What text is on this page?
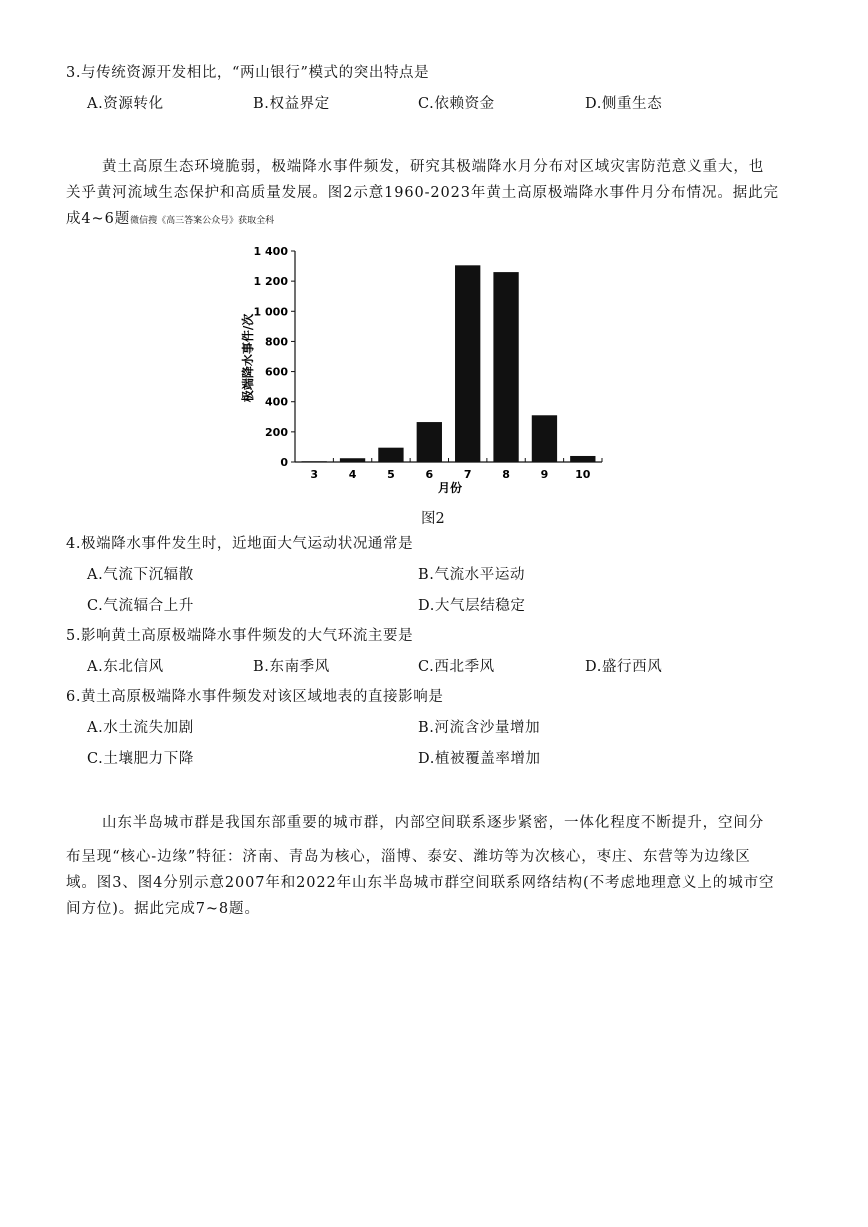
3.与传统资源开发相比，“两山银行”模式的突出特点是
A.资源转化	B.权益界定	C.依赖资金	D.侧重生态
黄土高原生态环境脆弱，极端降水事件频发，研究其极端降水月分布对区域灾害防范意义重大，也
关乎黄河流域生态保护和高质量发展。图2示意1960-2023年黄土高原极端降水事件月分布情况。据此完
成4~6题微信搜《高三答案公众号》获取全科
极端降水事件/次
0
200
400
600
800
1 000
1 200
1 400
3	4	5	6	7	8	9 10
月份
图2
4.极端降水事件发生时，近地面大气运动状况通常是
A.气流下沉辐散	B.气流水平运动
C.气流辐合上升	D.大气层结稳定
5.影响黄土高原极端降水事件频发的大气环流主要是
A.东北信风	B.东南季风	C.西北季风	D.盛行西风
6.黄土高原极端降水事件频发对该区域地表的直接影响是
A.水土流失加剧	B.河流含沙量增加
C.土壤肥力下降	D.植被覆盖率增加
山东半岛城市群是我国东部重要的城市群，内部空间联系逐步紧密，一体化程度不断提升，空间分
布呈现“核心-边缘”特征：济南、青岛为核心，淄博、泰安、潍坊等为次核心，枣庄、东营等为边缘区
域。图3、图4分别示意2007年和2022年山东半岛城市群空间联系网络结构(不考虑地理意义上的城市空
间方位)。据此完成7~8题。
